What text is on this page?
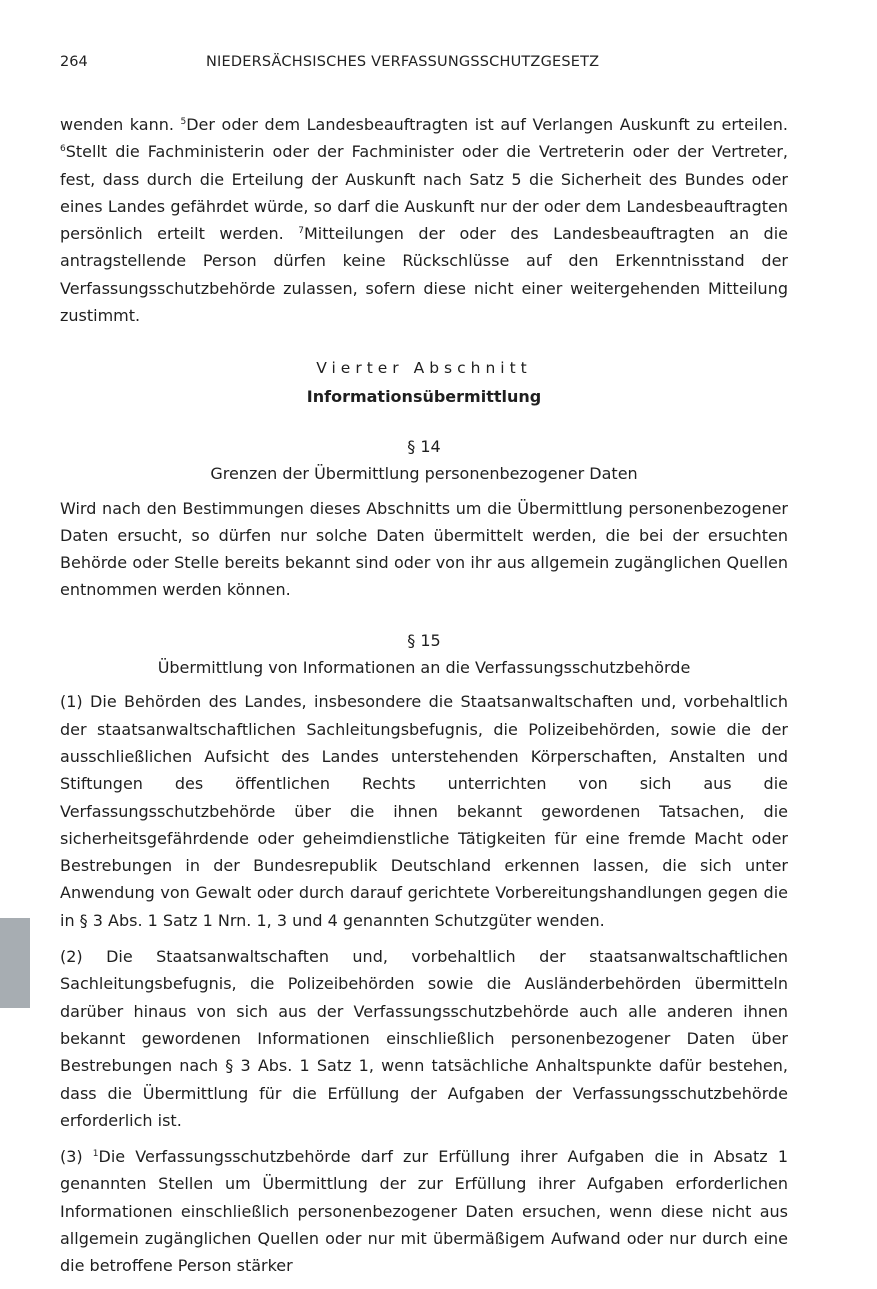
264	NIEDERSÄCHSISCHES VERFASSUNGSSCHUTZGESETZ

wenden kann. $^5$Der oder dem Landesbeauftragten ist auf Verlangen Auskunft zu erteilen. $^6$Stellt die Fachministerin oder der Fachminister oder die Vertreterin oder der Vertreter, fest, dass durch die Erteilung der Auskunft nach Satz 5 die Sicherheit des Bundes oder eines Landes gefährdet würde, so darf die Auskunft nur der oder dem Landesbeauftragten persönlich erteilt werden. $^7$Mitteilungen der oder des Landesbeauftragten an die antragstellende Person dürfen keine Rückschlüsse auf den Erkenntnisstand der Verfassungsschutzbehörde zulassen, sofern diese nicht einer weitergehenden Mitteilung zustimmt.

Vierter Abschnitt
Informationsübermittlung
§ 14
Grenzen der Übermittlung personenbezogener Daten

Wird nach den Bestimmungen dieses Abschnitts um die Übermittlung personenbezogener Daten ersucht, so dürfen nur solche Daten übermittelt werden, die bei der ersuchten Behörde oder Stelle bereits bekannt sind oder von ihr aus allgemein zugänglichen Quellen entnommen werden können.

§ 15
Übermittlung von Informationen an die Verfassungsschutzbehörde

(1) Die Behörden des Landes, insbesondere die Staatsanwaltschaften und, vorbehaltlich der staatsanwaltschaftlichen Sachleitungsbefugnis, die Polizeibehörden, sowie die der ausschließlichen Aufsicht des Landes unterstehenden Körperschaften, Anstalten und Stiftungen des öffentlichen Rechts unterrichten von sich aus die Verfassungsschutzbehörde über die ihnen bekannt gewordenen Tatsachen, die sicherheitsgefährdende oder geheimdienstliche Tätigkeiten für eine fremde Macht oder Bestrebungen in der Bundesrepublik Deutschland erkennen lassen, die sich unter Anwendung von Gewalt oder durch darauf gerichtete Vorbereitungshandlungen gegen die in § 3 Abs. 1 Satz 1 Nrn. 1, 3 und 4 genannten Schutzgüter wenden.

(2) Die Staatsanwaltschaften und, vorbehaltlich der staatsanwaltschaftlichen Sachleitungsbefugnis, die Polizeibehörden sowie die Ausländerbehörden übermitteln darüber hinaus von sich aus der Verfassungsschutzbehörde auch alle anderen ihnen bekannt gewordenen Informationen einschließlich personenbezogener Daten über Bestrebungen nach § 3 Abs. 1 Satz 1, wenn tatsächliche Anhaltspunkte dafür bestehen, dass die Übermittlung für die Erfüllung der Aufgaben der Verfassungsschutzbehörde erforderlich ist.

(3) $^1$Die Verfassungsschutzbehörde darf zur Erfüllung ihrer Aufgaben die in Absatz 1 genannten Stellen um Übermittlung der zur Erfüllung ihrer Aufgaben erforderlichen Informationen einschließlich personenbezogener Daten ersuchen, wenn diese nicht aus allgemein zugänglichen Quellen oder nur mit übermäßigem Aufwand oder nur durch eine die betroffene Person stärker
